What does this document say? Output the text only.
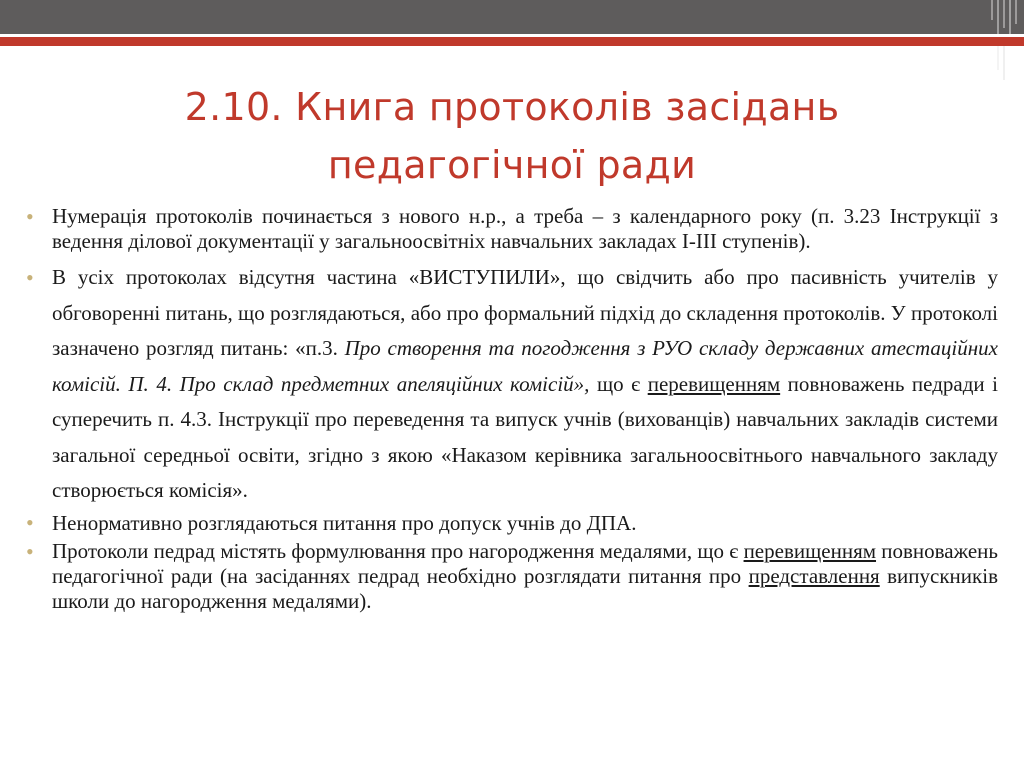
2.10. Книга протоколів засідань
педагогічної ради
• Нумерація протоколів починається з нового н.р., а треба – з календарного року (п. 3.23 Інструкції з ведення ділової документації у загальноосвітніх навчальних закладах І-ІІІ ступенів).
• В усіх протоколах відсутня частина «ВИСТУПИЛИ», що свідчить або про пасивність учителів у обговоренні питань, що розглядаються, або про формальний підхід до складення протоколів. У протоколі зазначено розгляд питань: «п.3. Про створення та погодження з РУО складу державних атестаційних комісій. П. 4. Про склад предметних апеляційних комісій», що є перевищенням повноважень педради і суперечить п. 4.3. Інструкції про переведення та випуск учнів (вихованців) навчальних закладів системи загальної середньої освіти, згідно з якою «Наказом керівника загальноосвітнього навчального закладу створюється комісія».
• Ненормативно розглядаються питання про допуск учнів до ДПА.
• Протоколи педрад містять формулювання про нагородження медалями, що є перевищенням повноважень педагогічної ради (на засіданнях педрад необхідно розглядати питання про представлення випускників школи до нагородження медалями).
